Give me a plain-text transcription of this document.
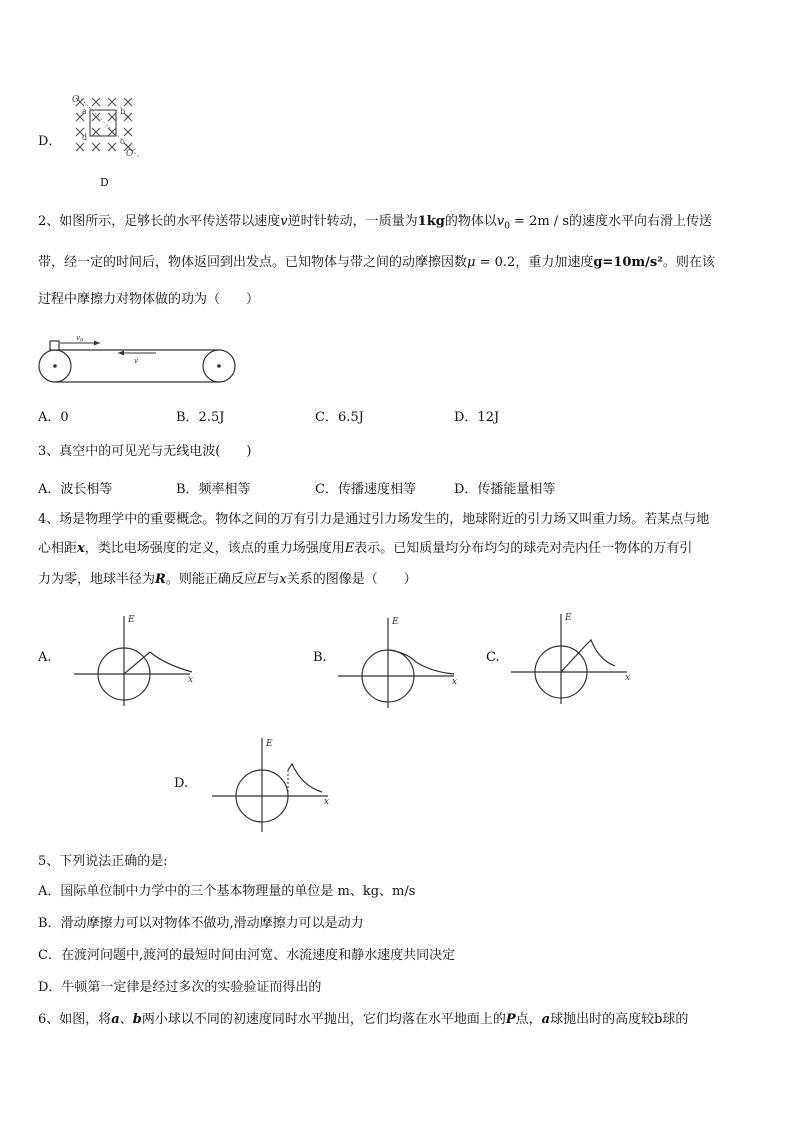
D．
O
a	b
d	c
O′
D
2、如图所示，足够长的水平传送带以速度v逆时针转动，一质量为1kg的物体以$v_0 = 2m / s$的速度水平向右滑上传送
带，经一定的时间后，物体返回到出发点。已知物体与带之间的动摩擦因数μ = 0.2，重力加速度g=10m/s²。则在该
过程中摩擦力对物体做的功为（　　）
$v_0$
v
A．0	B．2.5J	C．6.5J	D．12J
3、真空中的可见光与无线电波(　　)
A．波长相等	B．频率相等	C．传播速度相等	D．传播能量相等
4、场是物理学中的重要概念。物体之间的万有引力是通过引力场发生的，地球附近的引力场又叫重力场。若某点与地
心相距x，类比电场强度的定义，该点的重力场强度用E表示。已知质量均分布均匀的球壳对壳内任一物体的万有引
力为零，地球半径为R。则能正确反应E与x关系的图像是（　　）
A.
E
x
B.
E
x
C.
E
x
D.
E
x
5、下列说法正确的是:
A．国际单位制中力学中的三个基本物理量的单位是 m、kg、m/s
B．滑动摩擦力可以对物体不做功,滑动摩擦力可以是动力
C．在渡河问题中,渡河的最短时间由河宽、水流速度和静水速度共同决定
D．牛顿第一定律是经过多次的实验验证而得出的
6、如图，将a、b两小球以不同的初速度同时水平抛出，它们均落在水平地面上的P点，a球抛出时的高度较b球的
